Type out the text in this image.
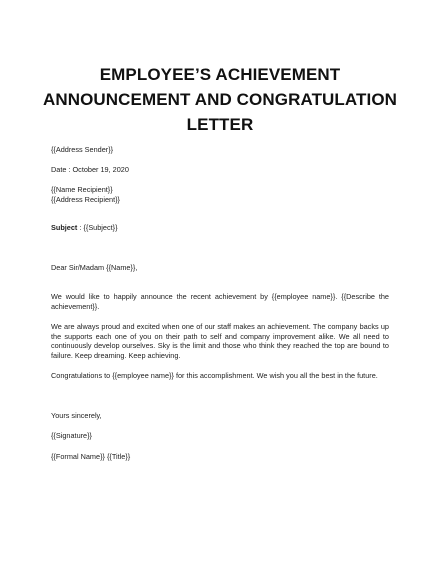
EMPLOYEE’S ACHIEVEMENT
ANNOUNCEMENT AND CONGRATULATION
LETTER
{{Address Sender}}
Date : October 19, 2020
{{Name Recipient}}
{{Address Recipient}}
Subject : {{Subject}}
Dear Sir/Madam {{Name}},
We would like to happily announce the recent achievement by {{employee name}}. {{Describe the achievement}}.
We are always proud and excited when one of our staff makes an achievement. The company backs up the supports each one of you on their path to self and company improvement alike. We all need to continuously develop ourselves. Sky is the limit and those who think they reached the top are bound to failure. Keep dreaming. Keep achieving.
Congratulations to {{employee name}} for this accomplishment. We wish you all the best in the future.
Yours sincerely,
{{Signature}}
{{Formal Name}} {{Title}}
